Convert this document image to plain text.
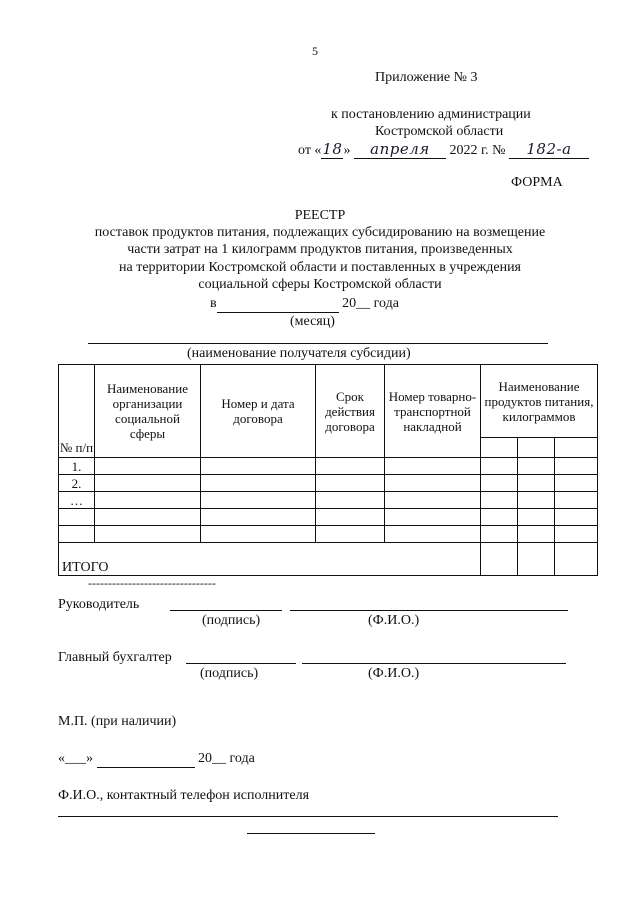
5
Приложение № 3
к постановлению администрации
Костромской области
от «18» апреля 2022 г. № 182-а
ФОРМА
РЕЕСТР
поставок продуктов питания, подлежащих субсидированию на возмещение
части затрат на 1 килограмм продуктов питания, произведенных
на территории Костромской области и поставленных в учреждения
социальной сферы Костромской области
в	20__ года
(месяц)
(наименование получателя субсидии)
№ п/п	Наименование организации социальной сферы	Номер и дата договора	Срок действия договора	Номер товарно-транспортной накладной	Наименование продуктов питания, килограммов		

1.							
2.							
…							

ИТОГО							
--------------------------------
Руководитель
(подпись)	(Ф.И.О.)
Главный бухгалтер
(подпись)	(Ф.И.О.)
М.П. (при наличии)
«___»	20__ года
Ф.И.О., контактный телефон исполнителя
